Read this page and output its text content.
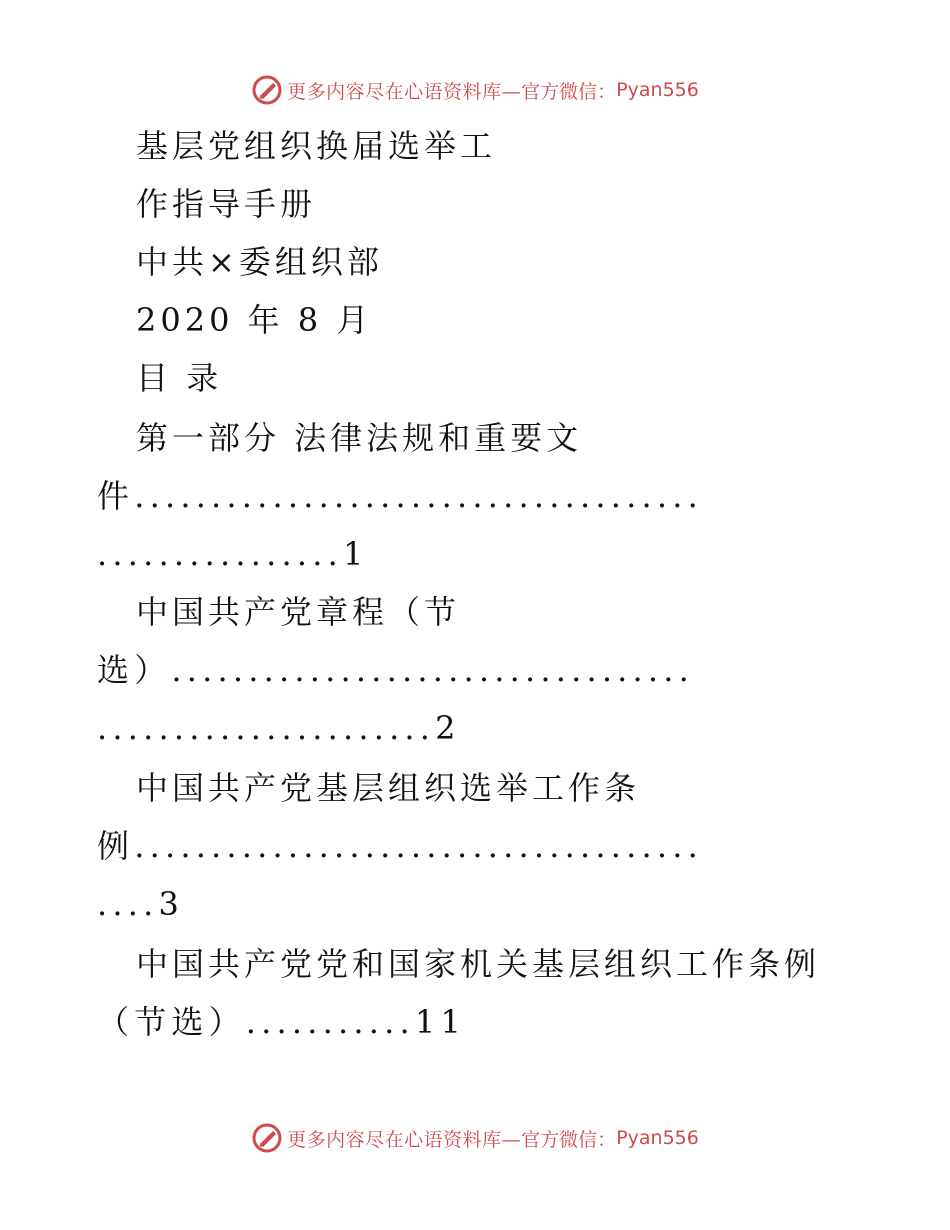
更多内容尽在心语资料库— 官方微信： Pyan556
基层党组织换届选举工
作指导手册
中共×委组织部
2020 年 8 月
目 录
第一部分 法律法规和重要文
件.....................................
................1
中国共产党章程（节
选）..................................
......................2
中国共产党基层组织选举工作条
例.....................................
....3
中国共产党党和国家机关基层组织工作条例
（节选）...........11
更多内容尽在心语资料库— 官方微信： Pyan556
